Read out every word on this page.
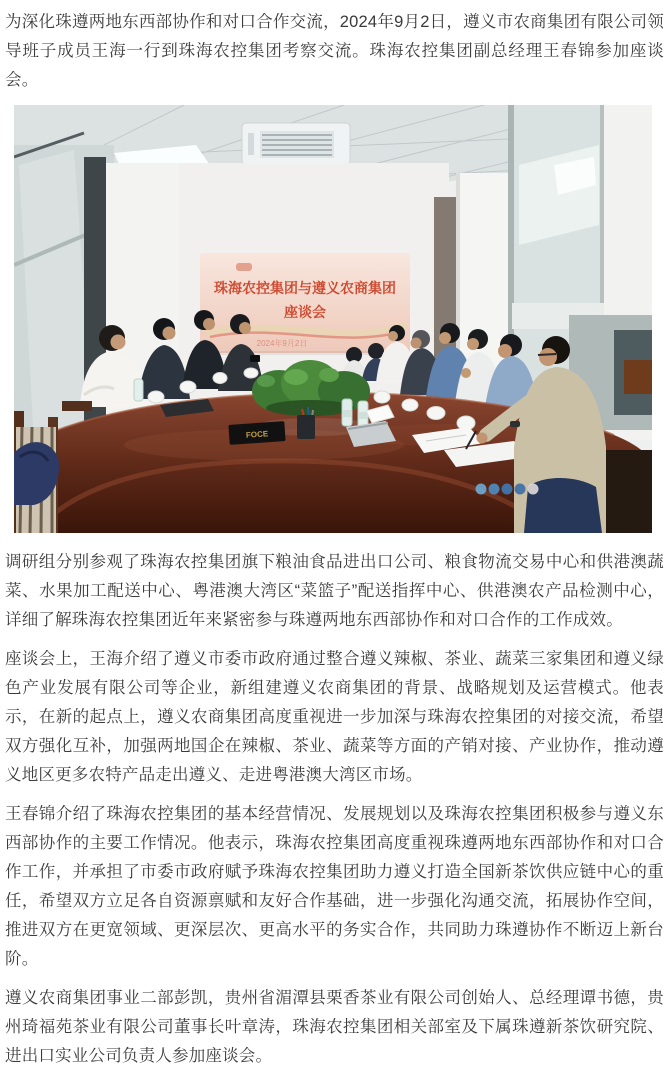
为深化珠遵两地东西部协作和对口合作交流，2024年9月2日，遵义市农商集团有限公司领导班子成员王海一行到珠海农控集团考察交流。珠海农控集团副总经理王春锦参加座谈会。

珠海农控集团与遵义农商集团
座谈会
2024年9月2日
FOCE

调研组分别参观了珠海农控集团旗下粮油食品进出口公司、粮食物流交易中心和供港澳蔬菜、水果加工配送中心、粤港澳大湾区“菜篮子”配送指挥中心、供港澳农产品检测中心，详细了解珠海农控集团近年来紧密参与珠遵两地东西部协作和对口合作的工作成效。

座谈会上，王海介绍了遵义市委市政府通过整合遵义辣椒、茶业、蔬菜三家集团和遵义绿色产业发展有限公司等企业，新组建遵义农商集团的背景、战略规划及运营模式。他表示，在新的起点上，遵义农商集团高度重视进一步加深与珠海农控集团的对接交流，希望双方强化互补，加强两地国企在辣椒、茶业、蔬菜等方面的产销对接、产业协作，推动遵义地区更多农特产品走出遵义、走进粤港澳大湾区市场。

王春锦介绍了珠海农控集团的基本经营情况、发展规划以及珠海农控集团积极参与遵义东西部协作的主要工作情况。他表示，珠海农控集团高度重视珠遵两地东西部协作和对口合作工作，并承担了市委市政府赋予珠海农控集团助力遵义打造全国新茶饮供应链中心的重任，希望双方立足各自资源禀赋和友好合作基础，进一步强化沟通交流，拓展协作空间，推进双方在更宽领域、更深层次、更高水平的务实合作，共同助力珠遵协作不断迈上新台阶。

遵义农商集团事业二部彭凯，贵州省湄潭县栗香茶业有限公司创始人、总经理谭书德，贵州琦福苑茶业有限公司董事长叶章涛，珠海农控集团相关部室及下属珠遵新茶饮研究院、进出口实业公司负责人参加座谈会。
